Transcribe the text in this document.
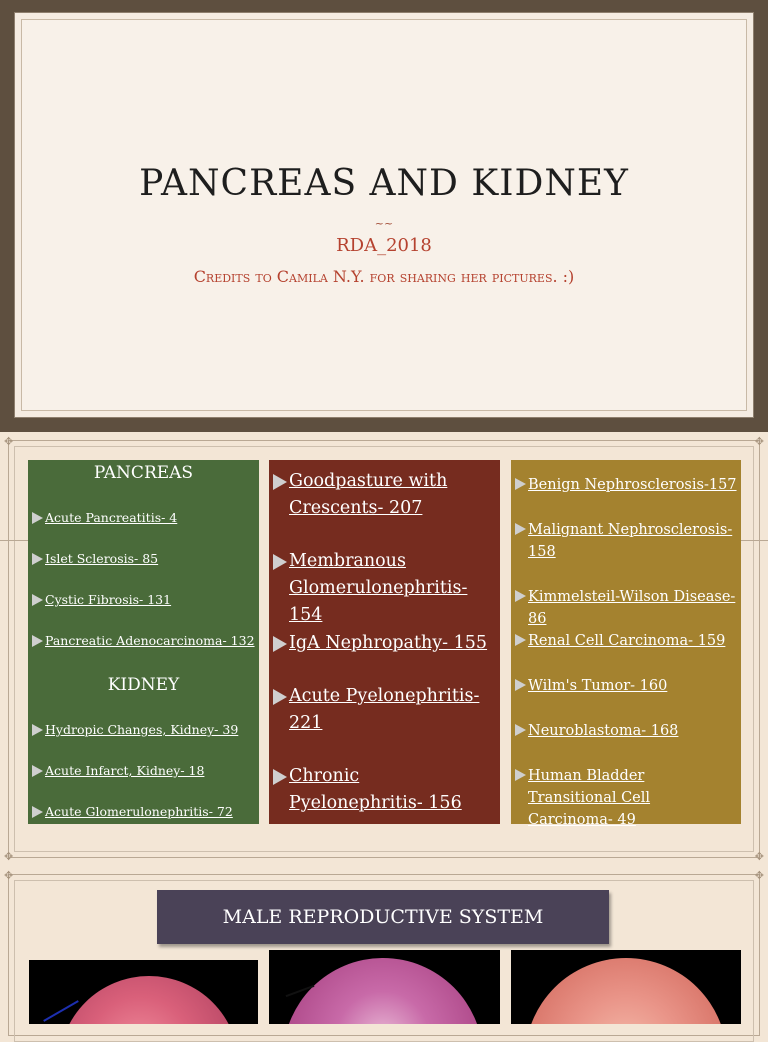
PANCREAS AND KIDNEY
~~
RDA_2018
Credits to Camila N.Y. for sharing her pictures. :)
✥	✥
✥	✥
PANCREAS
Acute Pancreatitis- 4
Islet Sclerosis- 85
Cystic Fibrosis- 131
Pancreatic Adenocarcinoma- 132
KIDNEY
Hydropic Changes, Kidney- 39
Acute Infarct, Kidney- 18
Acute Glomerulonephritis- 72
Goodpasture with Crescents- 207
Membranous Glomerulonephritis- 154
IgA Nephropathy- 155
Acute Pyelonephritis- 221
Chronic Pyelonephritis- 156
Benign Nephrosclerosis-157
Malignant Nephrosclerosis- 158
Kimmelsteil-Wilson Disease- 86
Renal Cell Carcinoma- 159
Wilm's Tumor- 160
Neuroblastoma- 168
Human Bladder Transitional Cell Carcinoma- 49
✥	✥
MALE REPRODUCTIVE SYSTEM
